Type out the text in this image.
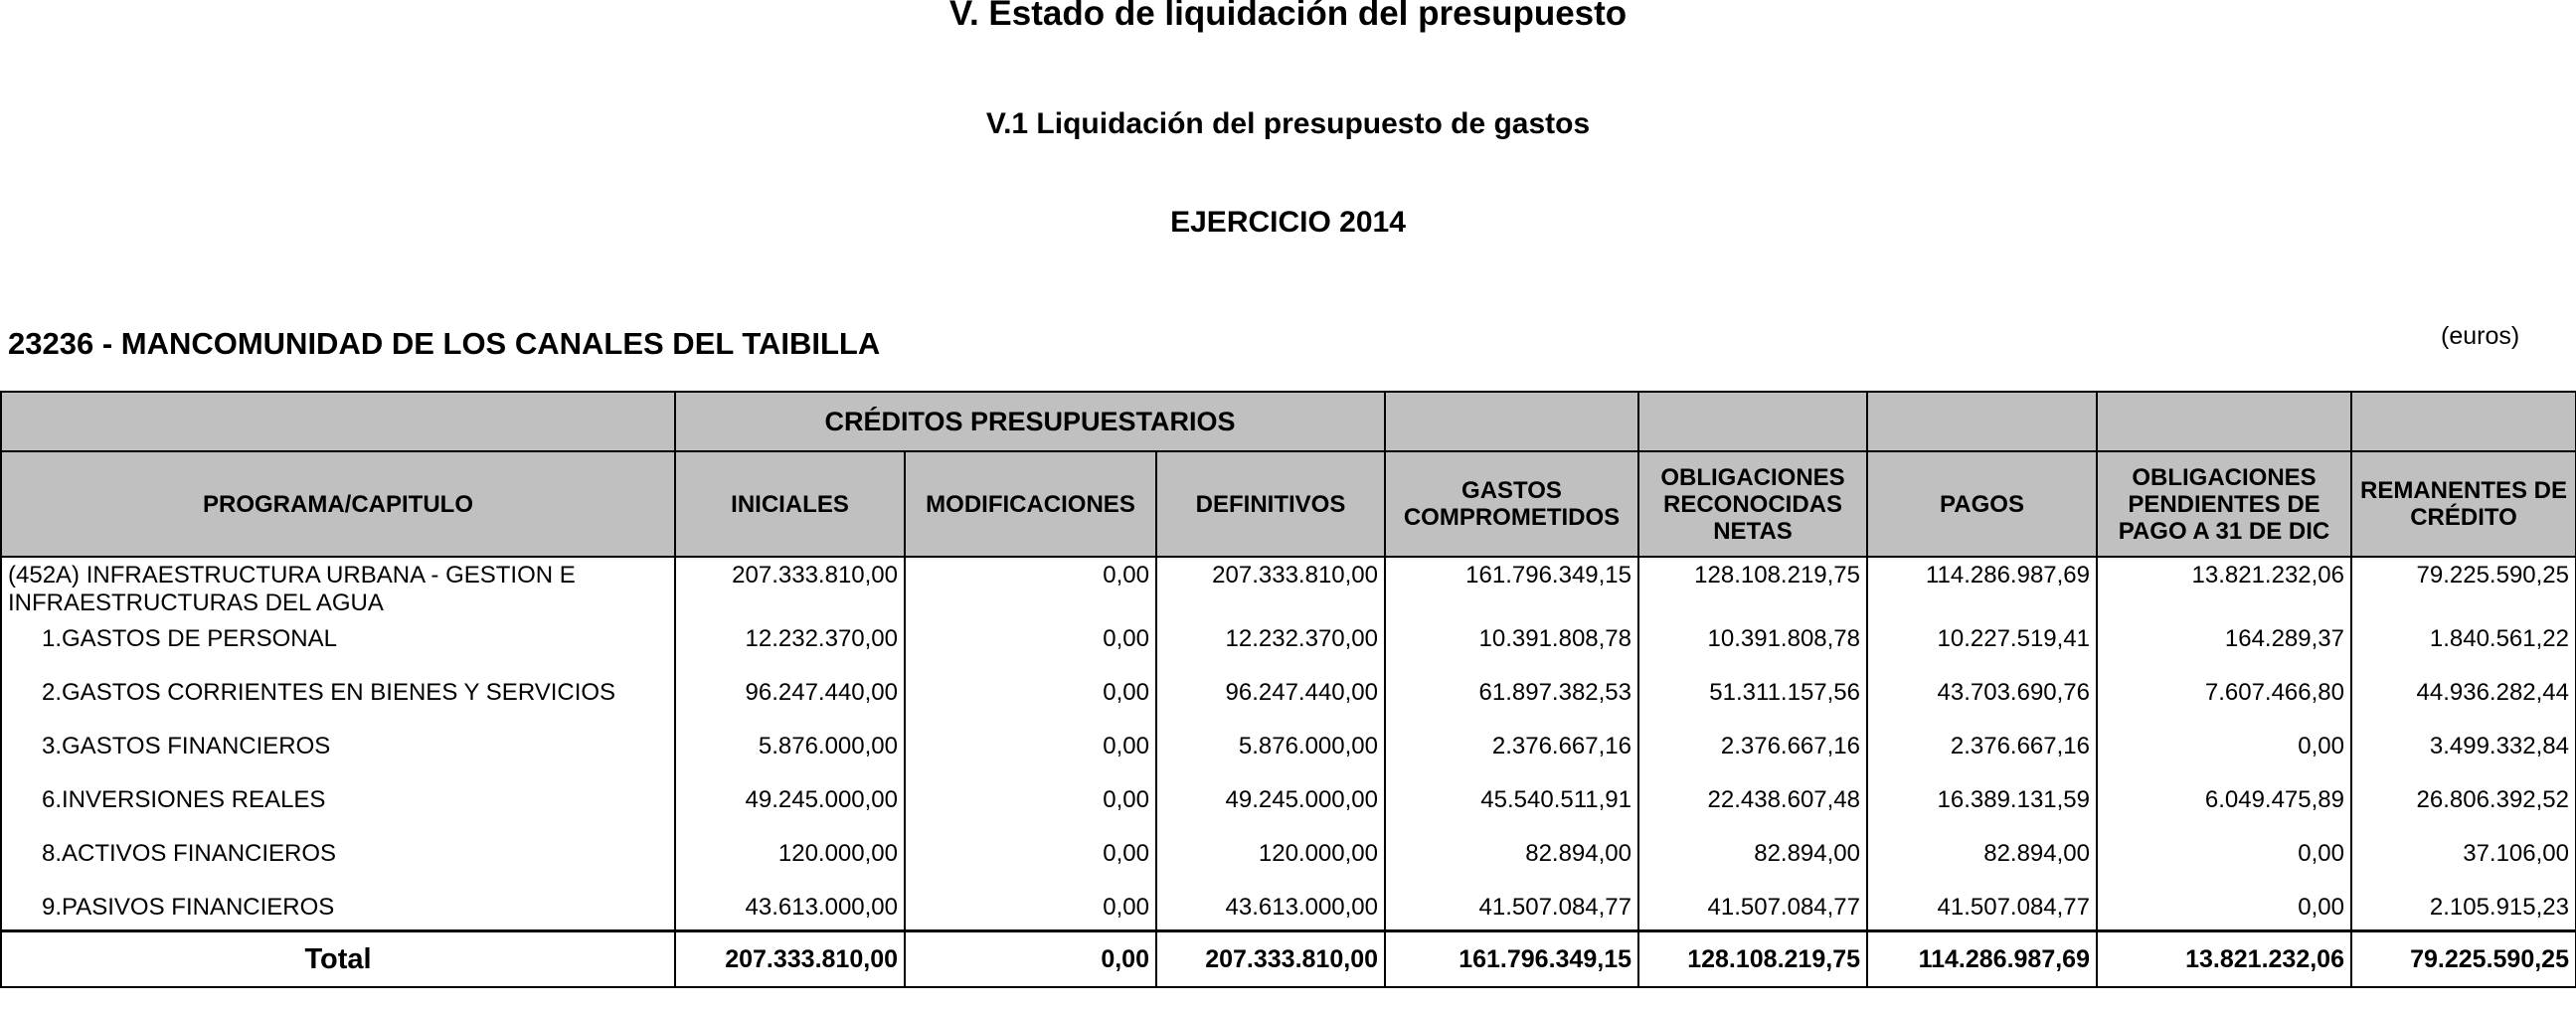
V. Estado de liquidación del presupuesto
V.1 Liquidación del presupuesto de gastos
EJERCICIO 2014
23236 - MANCOMUNIDAD DE LOS CANALES DEL TAIBILLA	(euros)
	CRÉDITOS PRESUPUESTARIOS							
PROGRAMA/CAPITULO	INICIALES	MODIFICACIONES	DEFINITIVOS	GASTOS COMPROMETIDOS	OBLIGACIONES RECONOCIDAS NETAS	PAGOS	OBLIGACIONES PENDIENTES DE PAGO A 31 DE DIC	REMANENTES DE CRÉDITO
(452A) INFRAESTRUCTURA URBANA - GESTION E INFRAESTRUCTURAS DEL AGUA	207.333.810,00	0,00	207.333.810,00	161.796.349,15	128.108.219,75	114.286.987,69	13.821.232,06	79.225.590,25
1.GASTOS DE PERSONAL	12.232.370,00	0,00	12.232.370,00	10.391.808,78	10.391.808,78	10.227.519,41	164.289,37	1.840.561,22
2.GASTOS CORRIENTES EN BIENES Y SERVICIOS	96.247.440,00	0,00	96.247.440,00	61.897.382,53	51.311.157,56	43.703.690,76	7.607.466,80	44.936.282,44
3.GASTOS FINANCIEROS	5.876.000,00	0,00	5.876.000,00	2.376.667,16	2.376.667,16	2.376.667,16	0,00	3.499.332,84
6.INVERSIONES REALES	49.245.000,00	0,00	49.245.000,00	45.540.511,91	22.438.607,48	16.389.131,59	6.049.475,89	26.806.392,52
8.ACTIVOS FINANCIEROS	120.000,00	0,00	120.000,00	82.894,00	82.894,00	82.894,00	0,00	37.106,00
9.PASIVOS FINANCIEROS	43.613.000,00	0,00	43.613.000,00	41.507.084,77	41.507.084,77	41.507.084,77	0,00	2.105.915,23
Total	207.333.810,00	0,00	207.333.810,00	161.796.349,15	128.108.219,75	114.286.987,69	13.821.232,06	79.225.590,25
